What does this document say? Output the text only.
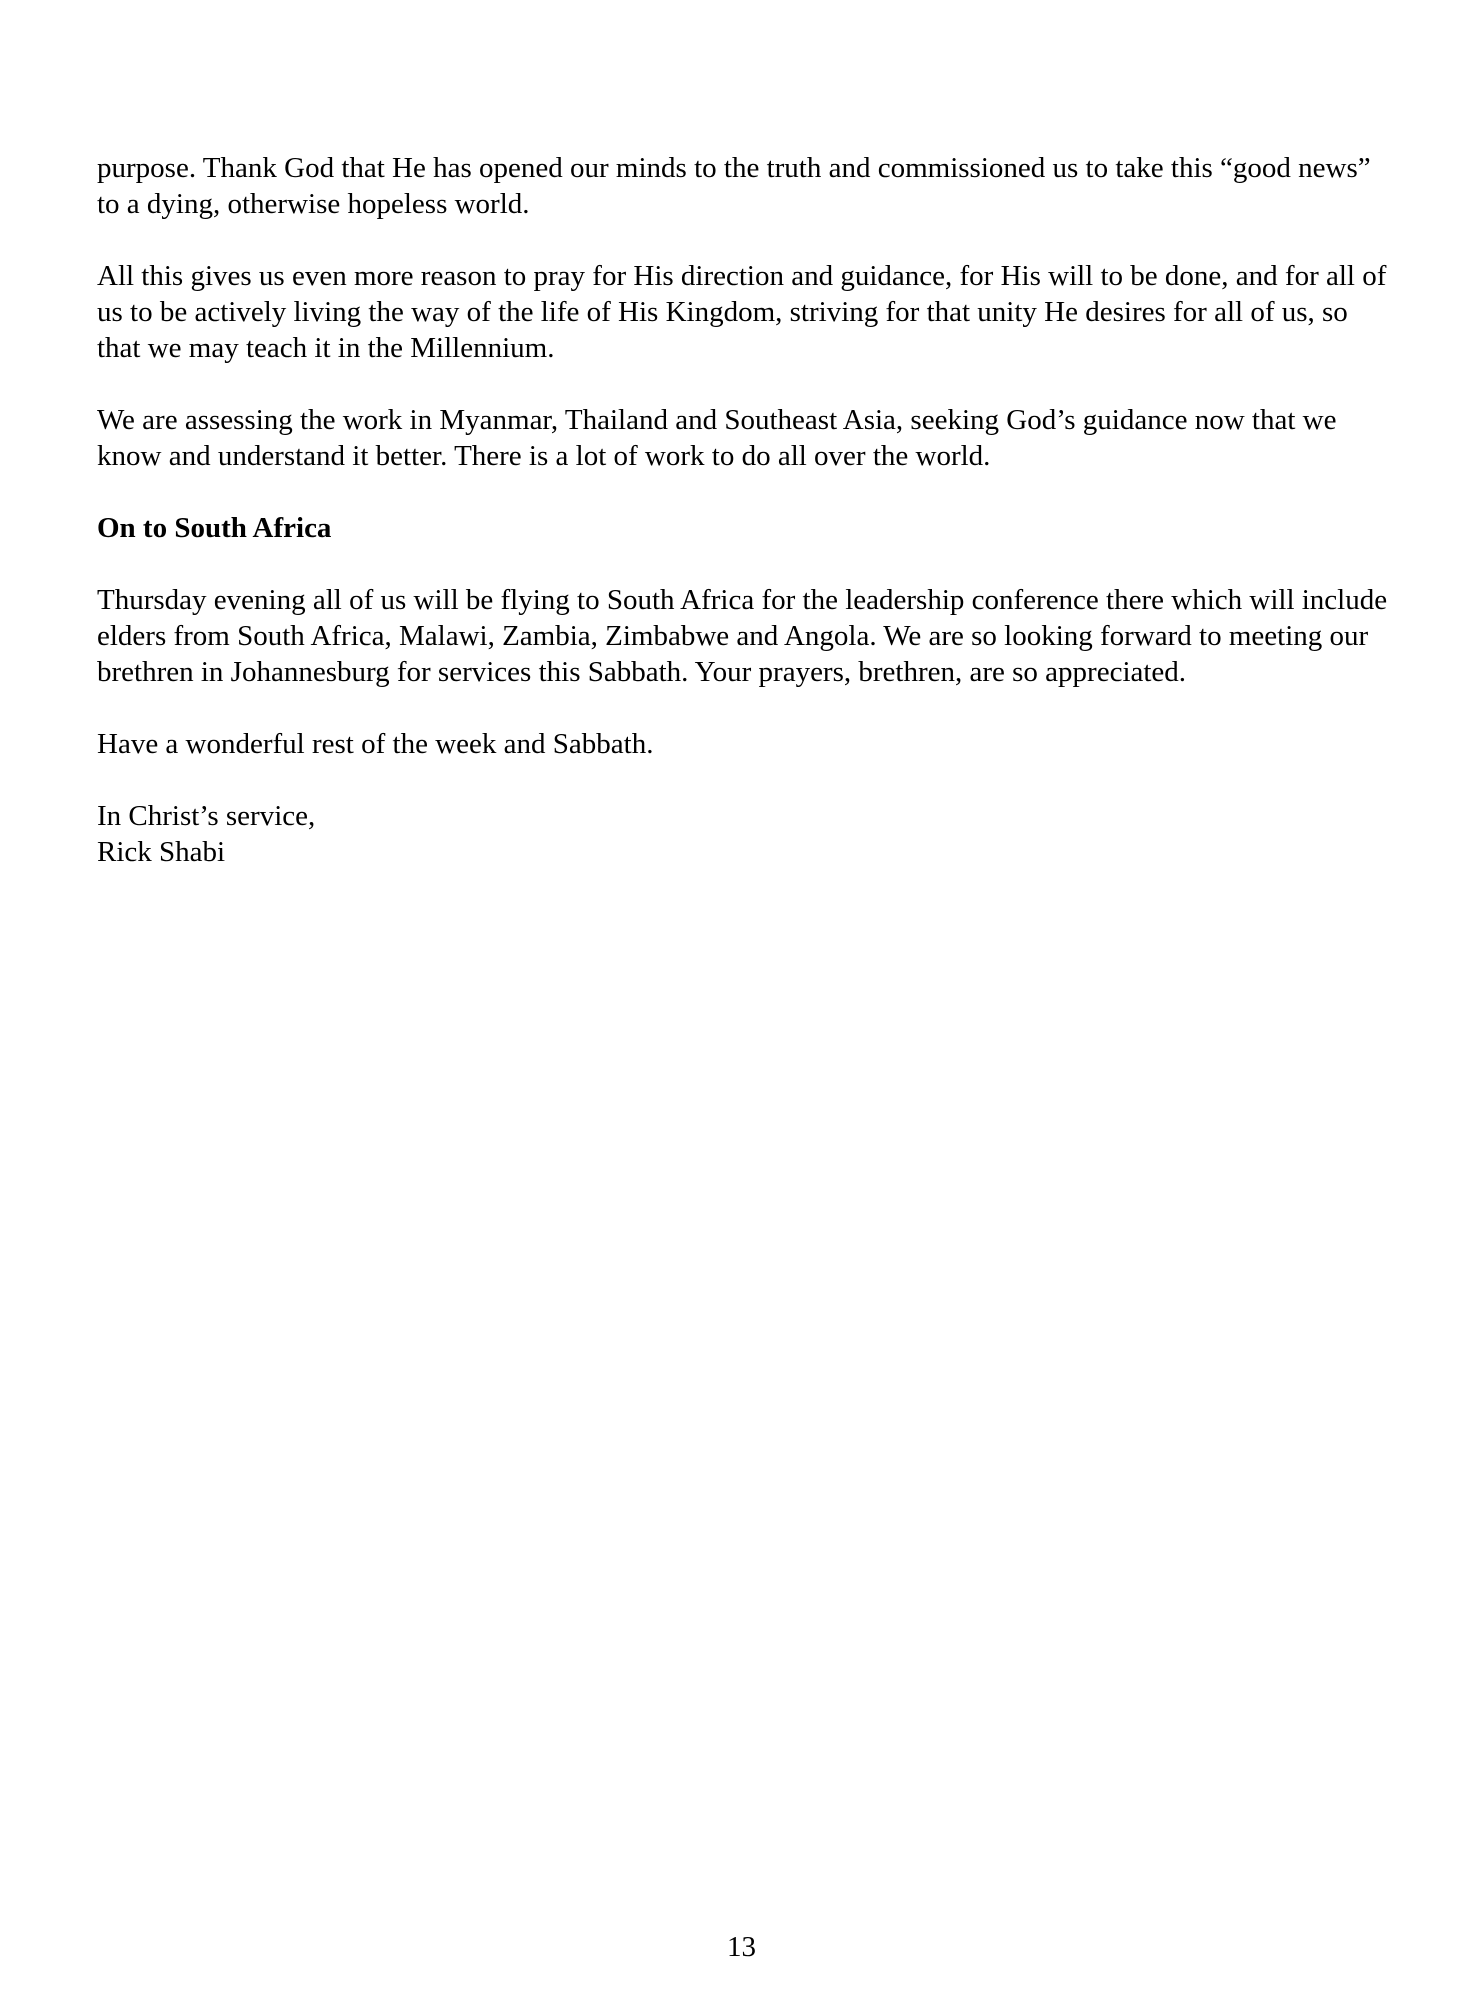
purpose. Thank God that He has opened our minds to the truth and commissioned us to take this “good news” to a dying, otherwise hopeless world.

All this gives us even more reason to pray for His direction and guidance, for His will to be done, and for all of us to be actively living the way of the life of His Kingdom, striving for that unity He desires for all of us, so that we may teach it in the Millennium.

We are assessing the work in Myanmar, Thailand and Southeast Asia, seeking God’s guidance now that we know and understand it better. There is a lot of work to do all over the world.

On to South Africa

Thursday evening all of us will be flying to South Africa for the leadership conference there which will include elders from South Africa, Malawi, Zambia, Zimbabwe and Angola. We are so looking forward to meeting our brethren in Johannesburg for services this Sabbath. Your prayers, brethren, are so appreciated.

Have a wonderful rest of the week and Sabbath.

In Christ’s service,
Rick Shabi

13
